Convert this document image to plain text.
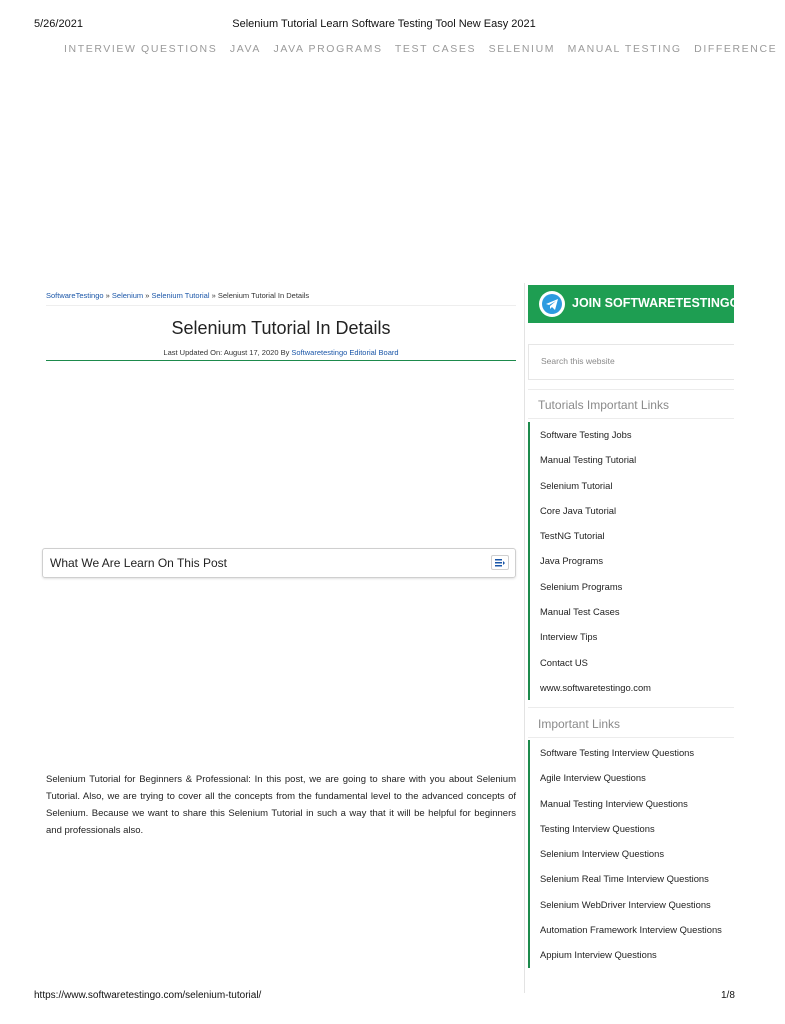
5/26/2021	Selenium Tutorial Learn Software Testing Tool New Easy 2021
INTERVIEW QUESTIONS JAVA JAVA PROGRAMS TEST CASES SELENIUM MANUAL TESTING DIFFERENCE
SoftwareTestingo » Selenium » Selenium Tutorial » Selenium Tutorial In Details
Selenium Tutorial In Details
Last Updated On: August 17, 2020 By Softwaretestingo Editorial Board
What We Are Learn On This Post

Selenium Tutorial for Beginners & Professional: In this post, we are going to share with you about Selenium Tutorial. Also, we are trying to cover all the concepts from the fundamental level to the advanced concepts of Selenium. Because we want to share this Selenium Tutorial in such a way that it will be helpful for beginners and professionals also.

JOIN SOFTWARETESTINGO
Search this website
Tutorials Important Links
Software Testing Jobs
Manual Testing Tutorial
Selenium Tutorial
Core Java Tutorial
TestNG Tutorial
Java Programs
Selenium Programs
Manual Test Cases
Interview Tips
Contact US
www.softwaretestingo.com
Important Links
Software Testing Interview Questions
Agile Interview Questions
Manual Testing Interview Questions
Testing Interview Questions
Selenium Interview Questions
Selenium Real Time Interview Questions
Selenium WebDriver Interview Questions
Automation Framework Interview Questions
Appium Interview Questions
https://www.softwaretestingo.com/selenium-tutorial/	1/8
